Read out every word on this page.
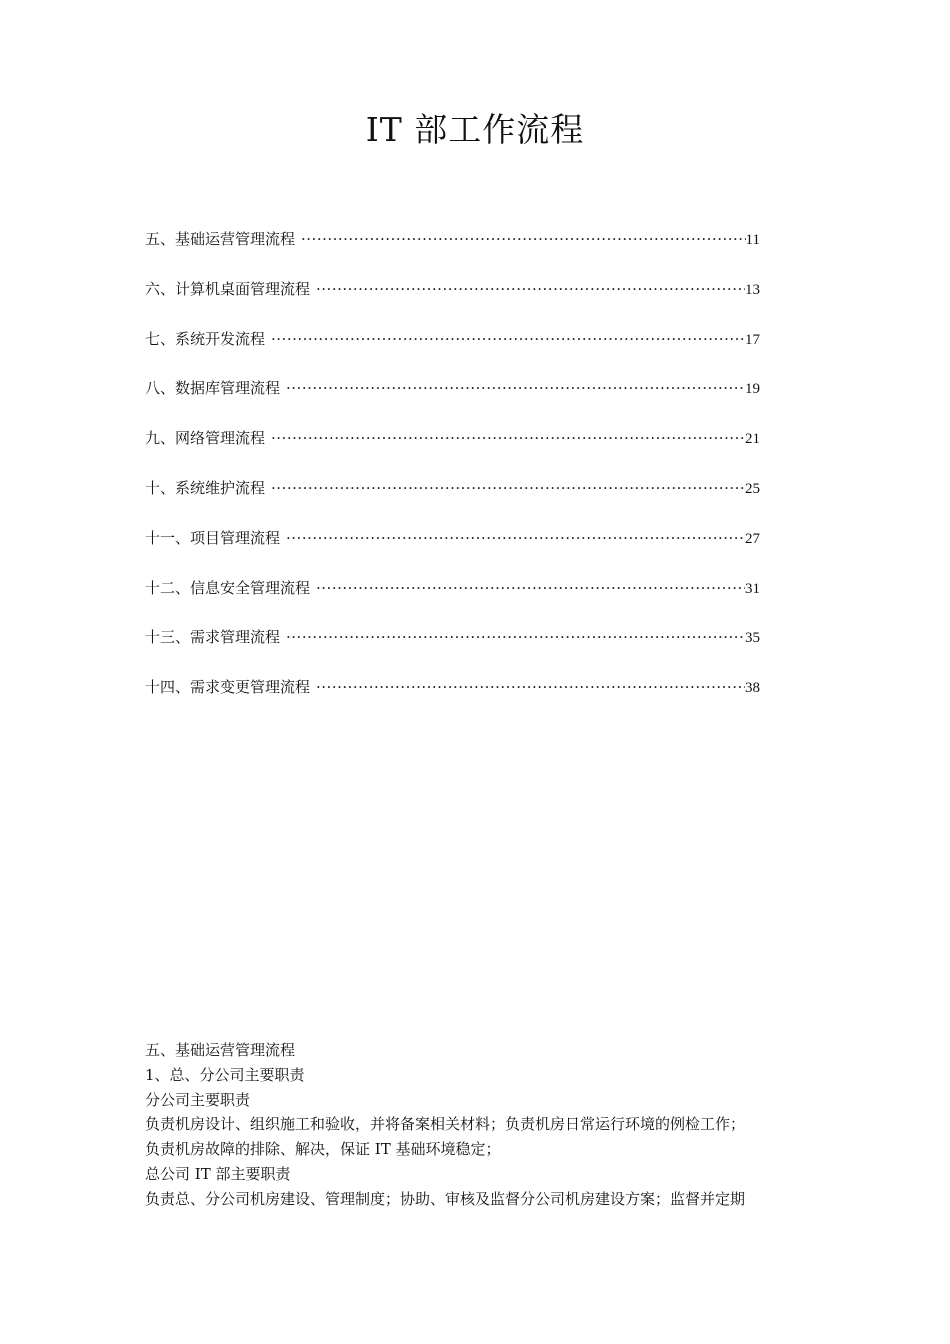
IT 部工作流程
五、基础运营管理流程 ·····	11
六、计算机桌面管理流程 ·····	13
七、系统开发流程 ·····	17
八、数据库管理流程 ·····	19
九、网络管理流程 ·····	21
十、系统维护流程 ·····	25
十一、项目管理流程 ·····	27
十二、信息安全管理流程 ·····	31
十三、需求管理流程 ·····	35
十四、需求变更管理流程 ·····	38

五、基础运营管理流程

1、总、分公司主要职责

分公司主要职责

负责机房设计、组织施工和验收，并将备案相关材料；负责机房日常运行环境的例检工作；

负责机房故障的排除、解决，保证 IT 基础环境稳定；

总公司 IT 部主要职责

负责总、分公司机房建设、管理制度；协助、审核及监督分公司机房建设方案；监督并定期
